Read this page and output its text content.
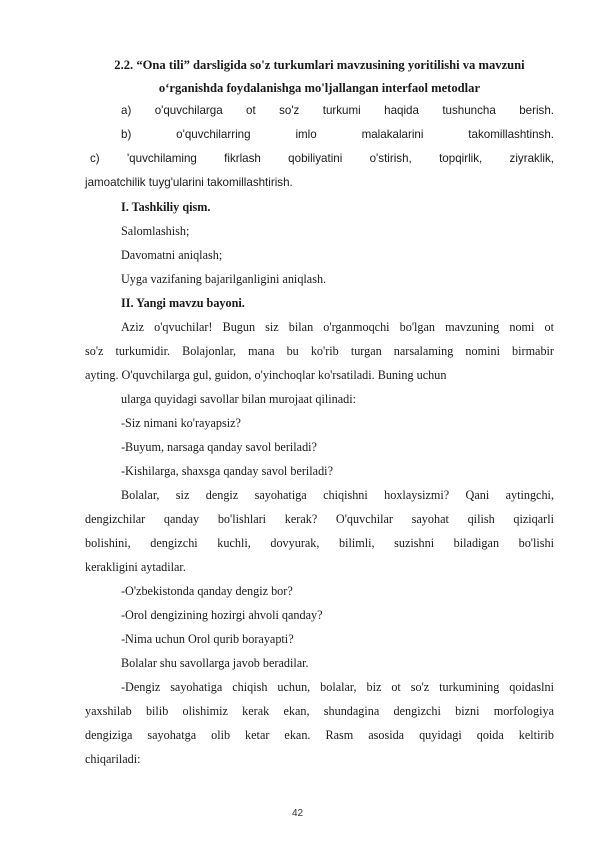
2.2. “Ona tili” darsligida so'z turkumlari mavzusining yoritilishi va mavzuni
o‘rganishda foydalanishga mo'ljallangan interfaol metodlar
a) o'quvchilarga ot so'z turkumi haqida tushuncha berish.
b) o'quvchilarring imlo malakalarini takomillashtinsh.
c) 'quvchilaming fikrlash qobiliyatini o'stirish, topqirlik, ziyraklik,
jamoatchilik tuyg'ularini takomillashtirish.
I. Tashkiliy qism.
Salomlashish;
Davomatni aniqlash;
Uyga vazifaning bajarilganligini aniqlash.
II. Yangi mavzu bayoni.
Aziz o'qvuchilar! Bugun siz bilan o'rganmoqchi bo'lgan mavzuning nomi ot
so'z turkumidir. Bolajonlar, mana bu ko'rib turgan narsalaming nomini birmabir
ayting. O'quvchilarga gul, guidon, o'yinchoqlar ko'rsatiladi. Buning uchun
ularga quyidagi savollar bilan murojaat qilinadi:
-Siz nimani ko'rayapsiz?
-Buyum, narsaga qanday savol beriladi?
-Kishilarga, shaxsga qanday savol beriladi?
Bolalar, siz dengiz sayohatiga chiqishni hoxlaysizmi? Qani aytingchi,
dengizchilar qanday bo'lishlari kerak? O'quvchilar sayohat qilish qiziqarli
bolishini, dengizchi kuchli, dovyurak, bilimli, suzishni biladigan bo'lishi
kerakligini aytadilar.
-O'zbekistonda qanday dengiz bor?
-Orol dengizining hozirgi ahvoli qanday?
-Nima uchun Orol qurib borayapti?
Bolalar shu savollarga javob beradilar.
-Dengiz sayohatiga chiqish uchun, bolalar, biz ot so'z turkumining qoidaslni
yaxshilab bilib olishimiz kerak ekan, shundagina dengizchi bizni morfologiya
dengiziga sayohatga olib ketar ekan. Rasm asosida quyidagi qoida keltirib
chiqariladi:
42
